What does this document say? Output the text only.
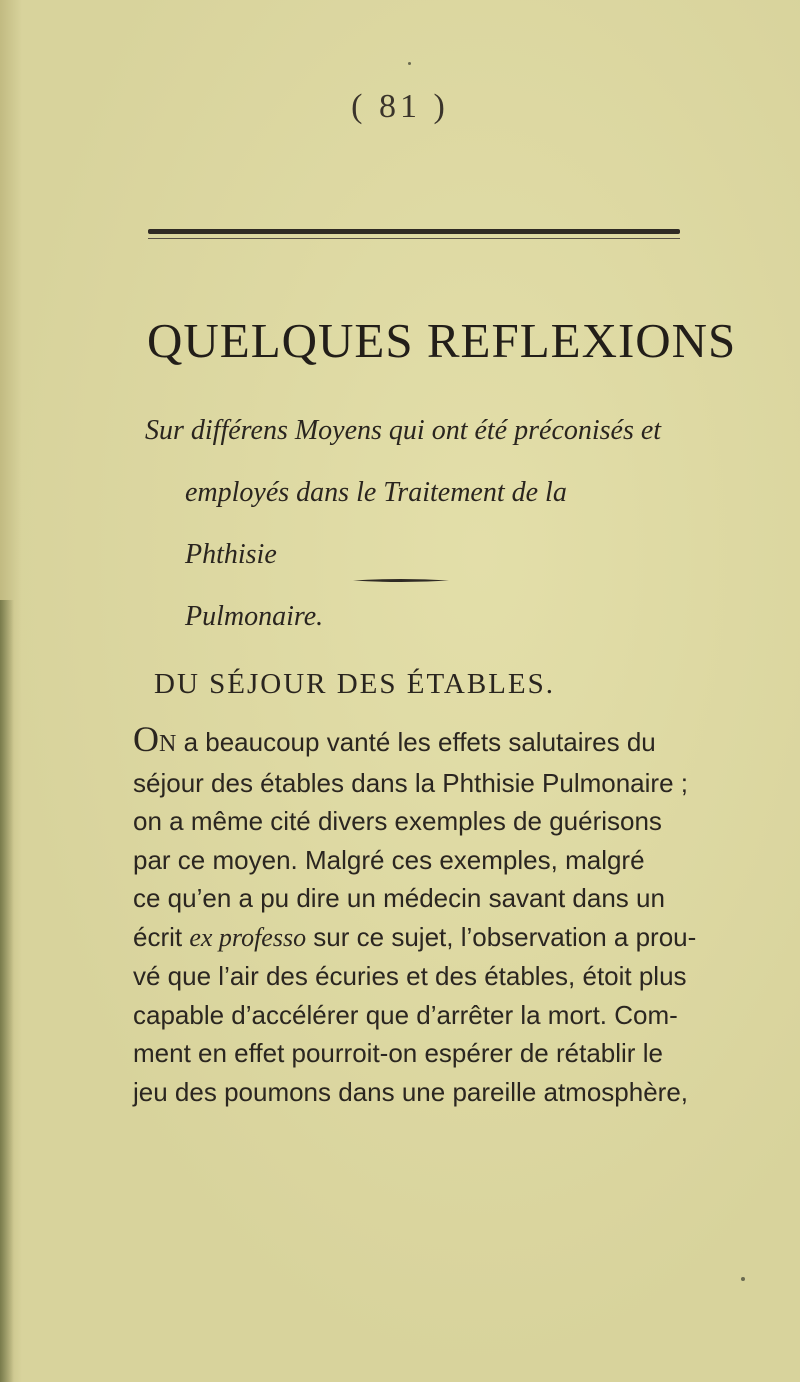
( 81 )
QUELQUES REFLEXIONS
Sur différens Moyens qui ont été préconisés et
employés dans le Traitement de la Phthisie
Pulmonaire.
DU SÉJOUR DES ÉTABLES.
ON a beaucoup vanté les effets salutaires du
séjour des étables dans la Phthisie Pulmonaire ;
on a même cité divers exemples de guérisons
par ce moyen. Malgré ces exemples, malgré
ce qu’en a pu dire un médecin savant dans un
écrit ex professo sur ce sujet, l’observation a prou-
vé que l’air des écuries et des étables, étoit plus
capable d’accélérer que d’arrêter la mort. Com-
ment en effet pourroit-on espérer de rétablir le
jeu des poumons dans une pareille atmosphère,
